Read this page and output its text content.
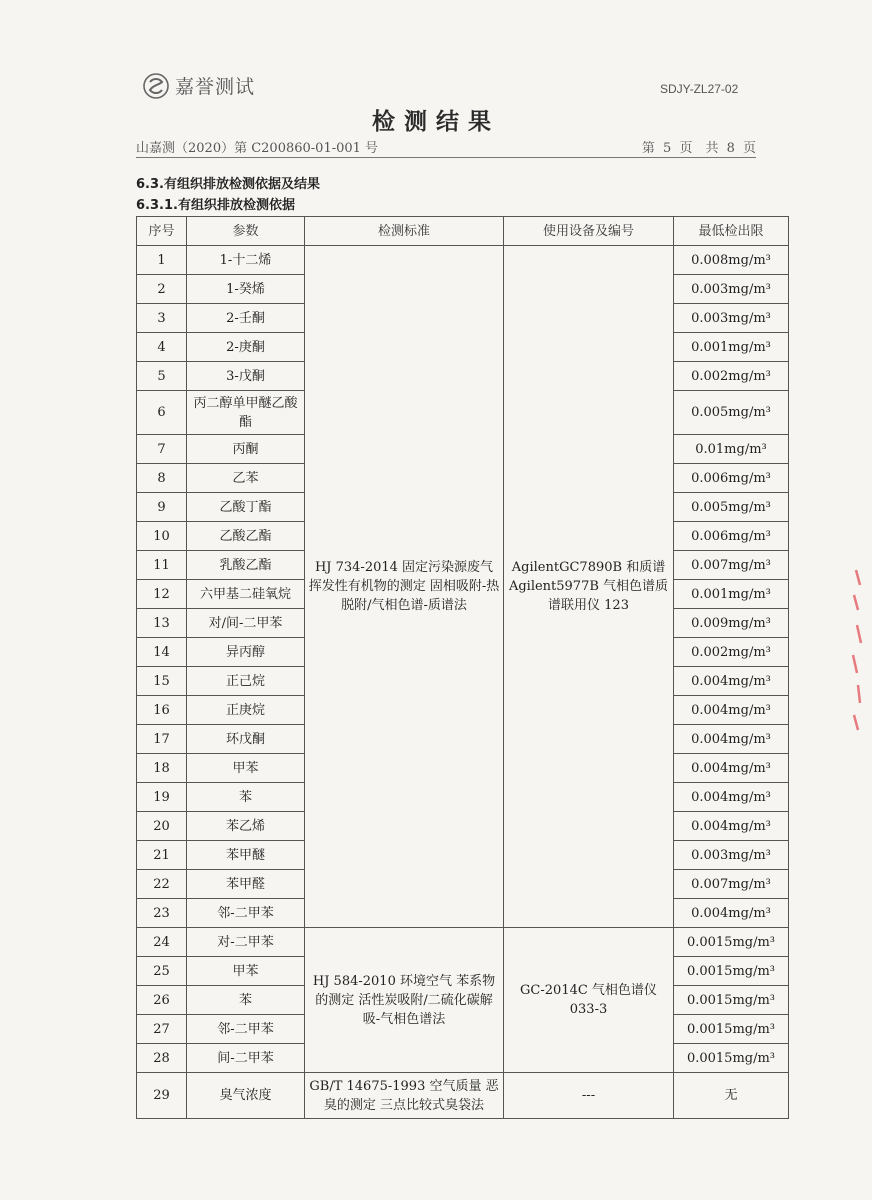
嘉誉测试	SDJY-ZL27-02
检测结果
山嘉测（2020）第 C200860-01-001 号	第 5 页　共 8 页
6.3.有组织排放检测依据及结果
6.3.1.有组织排放检测依据
序号	参数	检测标准	使用设备及编号	最低检出限
1	1-十二烯	HJ 734-2014 固定污染源废气 挥发性有机物的测定 固相吸附-热脱附/气相色谱-质谱法	AgilentGC7890B 和质谱 Agilent5977B 气相色谱质谱联用仪 123	0.008mg/m³
2	1-癸烯			0.003mg/m³
3	2-壬酮			0.003mg/m³
4	2-庚酮			0.001mg/m³
5	3-戊酮			0.002mg/m³
6	丙二醇单甲醚乙酸酯			0.005mg/m³
7	丙酮			0.01mg/m³
8	乙苯			0.006mg/m³
9	乙酸丁酯			0.005mg/m³
10	乙酸乙酯			0.006mg/m³
11	乳酸乙酯			0.007mg/m³
12	六甲基二硅氧烷			0.001mg/m³
13	对/间-二甲苯			0.009mg/m³
14	异丙醇			0.002mg/m³
15	正己烷			0.004mg/m³
16	正庚烷			0.004mg/m³
17	环戊酮			0.004mg/m³
18	甲苯			0.004mg/m³
19	苯			0.004mg/m³
20	苯乙烯			0.004mg/m³
21	苯甲醚			0.003mg/m³
22	苯甲醛			0.007mg/m³
23	邻-二甲苯			0.004mg/m³
24	对-二甲苯	HJ 584-2010 环境空气 苯系物的测定 活性炭吸附/二硫化碳解吸-气相色谱法	GC-2014C 气相色谱仪 033-3	0.0015mg/m³
25	甲苯			0.0015mg/m³
26	苯			0.0015mg/m³
27	邻-二甲苯			0.0015mg/m³
28	间-二甲苯			0.0015mg/m³
29	臭气浓度	GB/T 14675-1993 空气质量 恶臭的测定 三点比较式臭袋法	---	无
